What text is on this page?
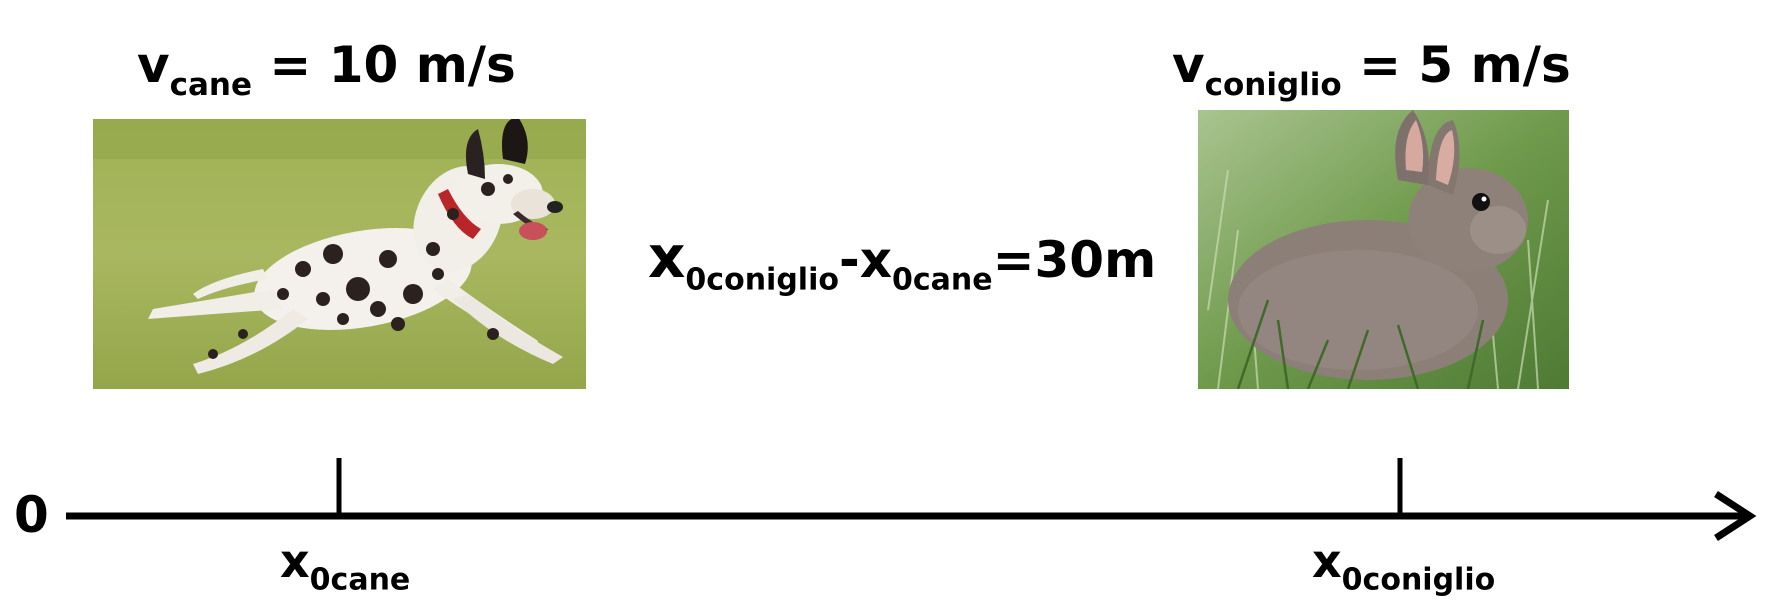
$v_{cane} = 10$ m/s	$v_{coniglio} = 5$ m/s
$x_{0coniglio}-x_{0cane}=30m$
0
$x_{0cane}$	$x_{0coniglio}$
